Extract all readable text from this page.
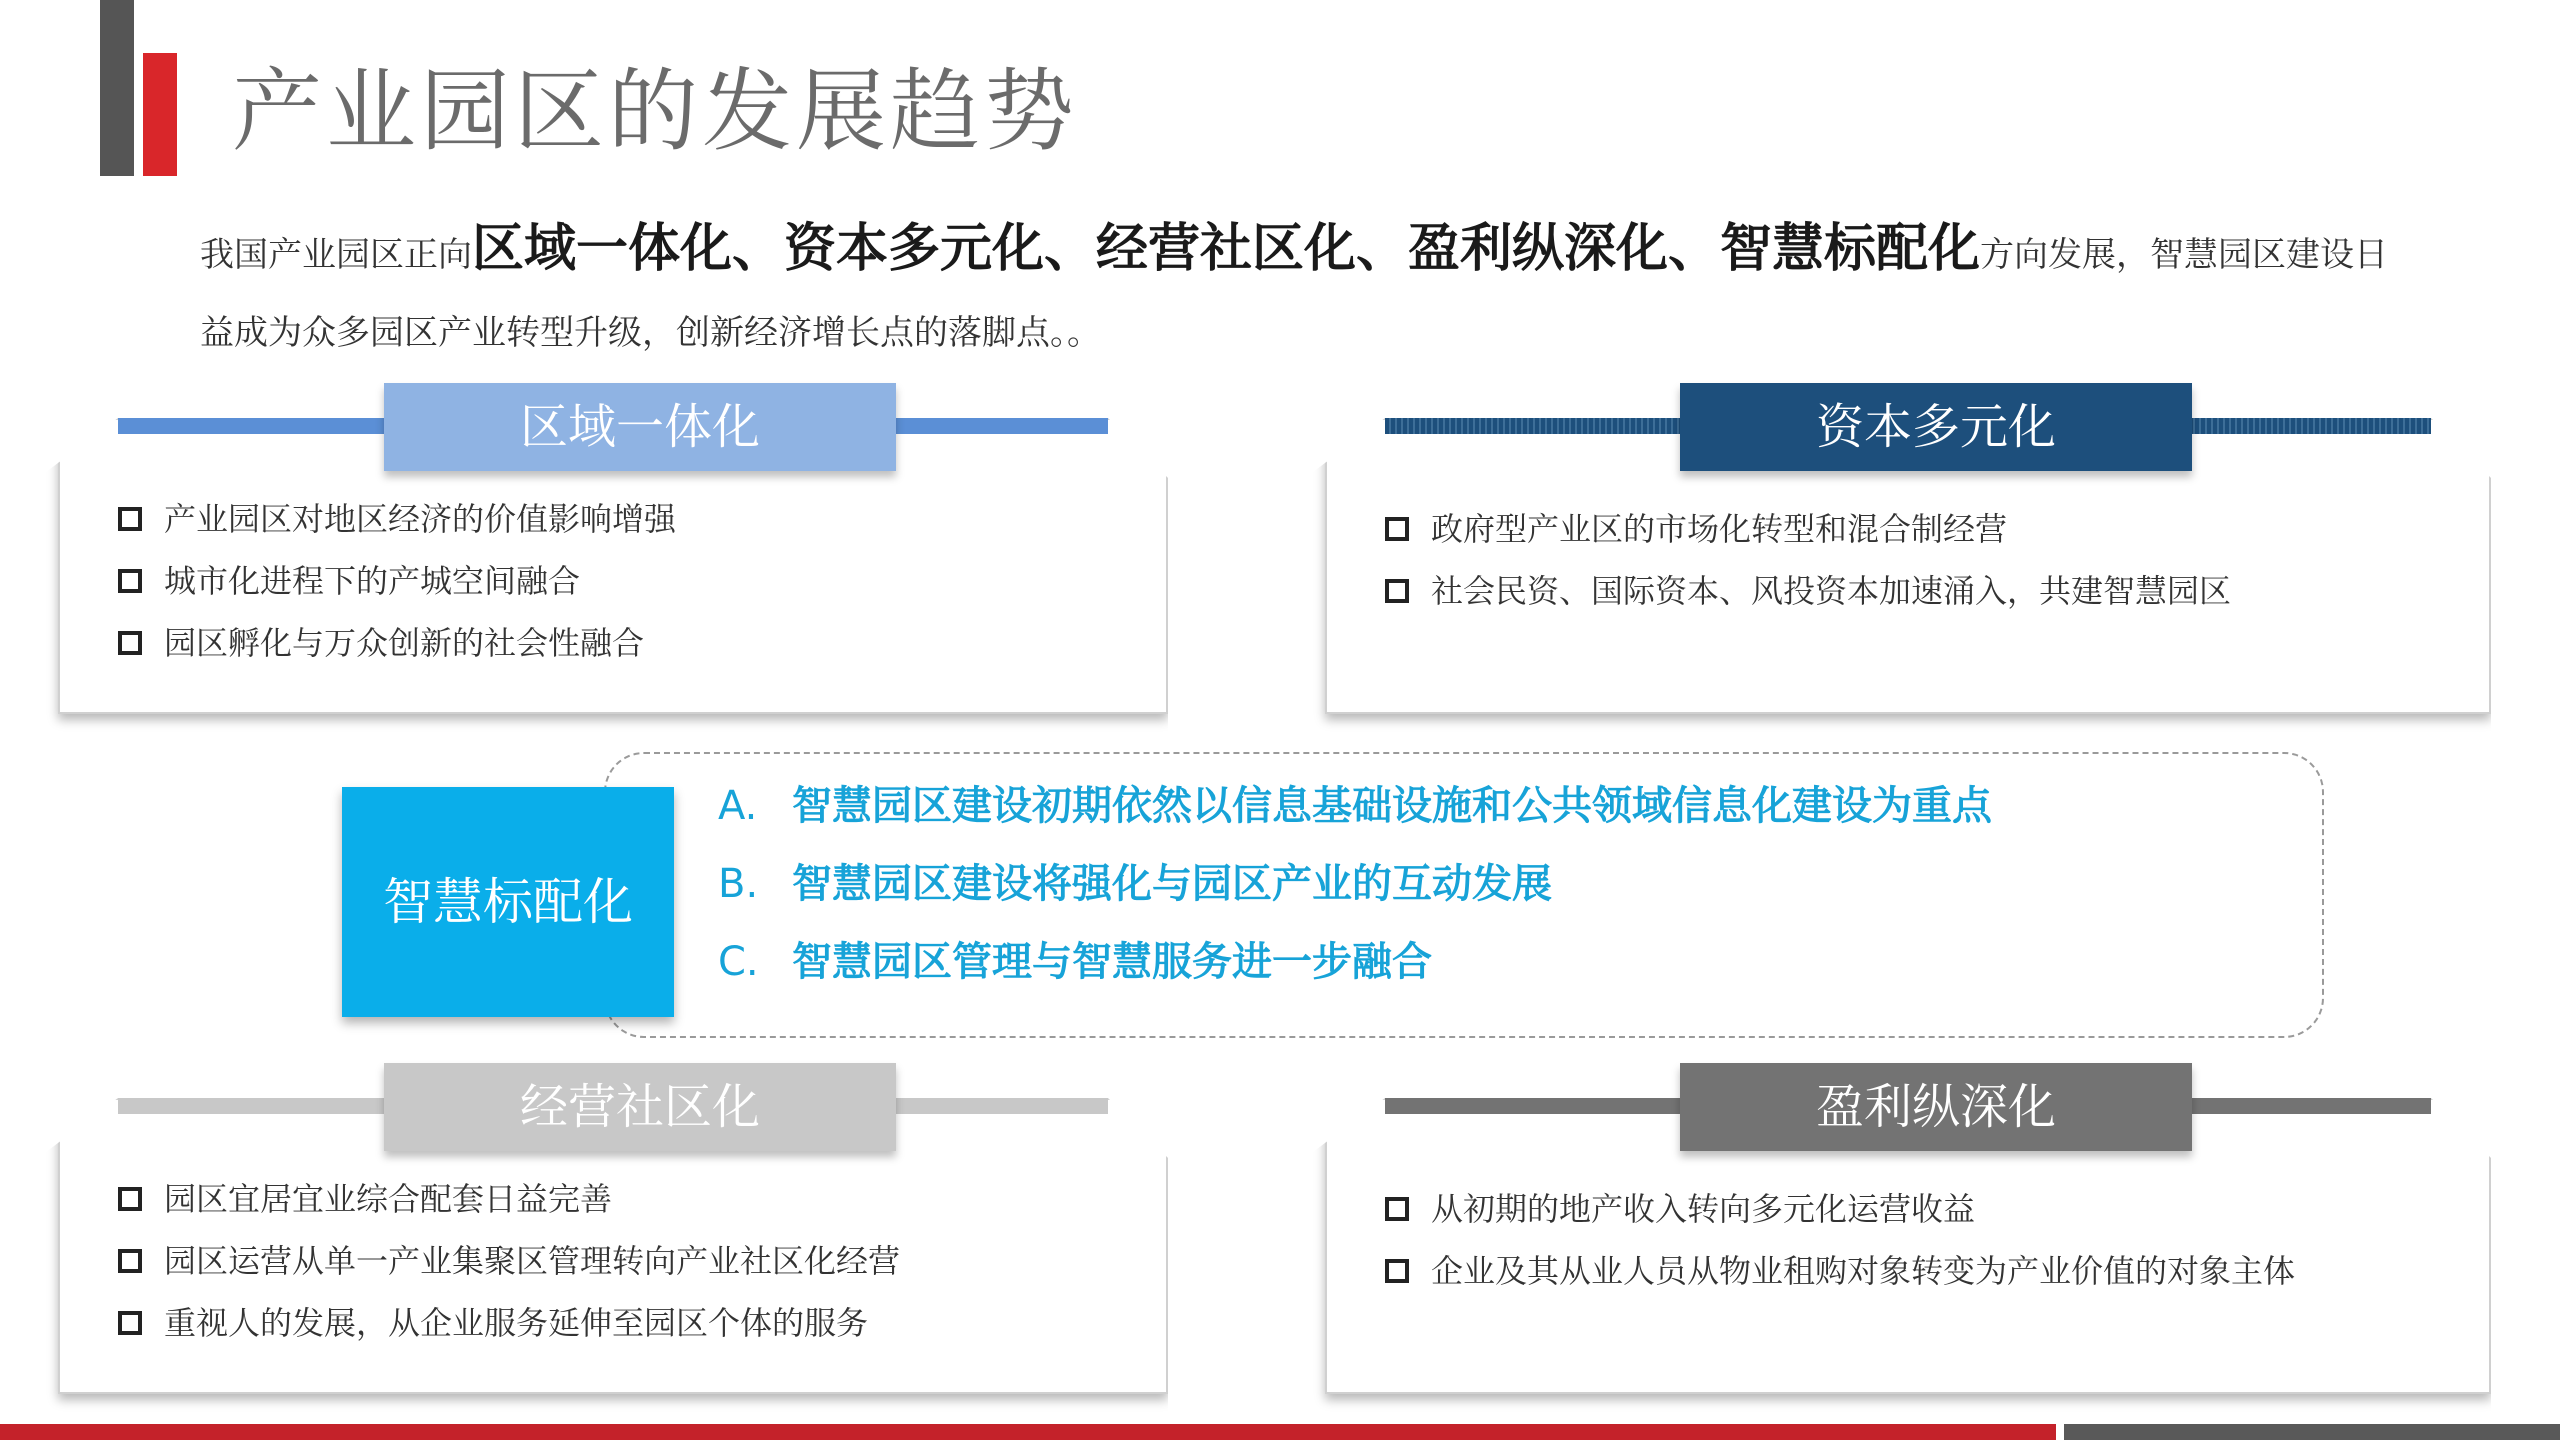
产业园区的发展趋势
我国产业园区正向区域一体化、资本多元化、经营社区化、盈利纵深化、智慧标配化方向发展，智慧园区建设日益成为众多园区产业转型升级，创新经济增长点的落脚点。。
区域一体化
产业园区对地区经济的价值影响增强
城市化进程下的产城空间融合
园区孵化与万众创新的社会性融合
资本多元化
政府型产业区的市场化转型和混合制经营
社会民资、国际资本、风投资本加速涌入，共建智慧园区
智慧标配化
A. 智慧园区建设初期依然以信息基础设施和公共领域信息化建设为重点
B. 智慧园区建设将强化与园区产业的互动发展
C. 智慧园区管理与智慧服务进一步融合
经营社区化
园区宜居宜业综合配套日益完善
园区运营从单一产业集聚区管理转向产业社区化经营
重视人的发展，从企业服务延伸至园区个体的服务
盈利纵深化
从初期的地产收入转向多元化运营收益
企业及其从业人员从物业租购对象转变为产业价值的对象主体
